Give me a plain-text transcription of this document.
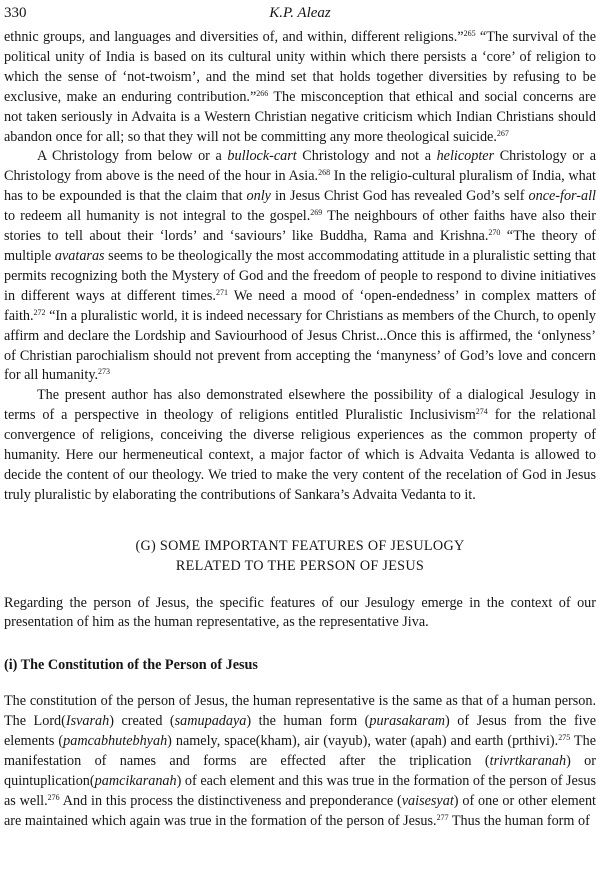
330	K.P. Aleaz

ethnic groups, and languages and diversities of, and within, different religions.”$^{265}$ “The survival of the political unity of India is based on its cultural unity within which there persists a ‘core’ of religion to which the sense of ‘not-twoism’, and the mind set that holds together diversities by refusing to be exclusive, make an enduring contribution.”$^{266}$ The misconception that ethical and social concerns are not taken seriously in Advaita is a Western Christian negative criticism which Indian Christians should abandon once for all; so that they will not be committing any more theological suicide.$^{267}$

A Christology from below or a bullock-cart Christology and not a helicopter Christology or a Christology from above is the need of the hour in Asia.$^{268}$ In the religio-cultural pluralism of India, what has to be expounded is that the claim that only in Jesus Christ God has revealed God’s self once-for-all to redeem all humanity is not integral to the gospel.$^{269}$ The neighbours of other faiths have also their stories to tell about their ‘lords’ and ‘saviours’ like Buddha, Rama and Krishna.$^{270}$ “The theory of multiple avataras seems to be theologically the most accommodating attitude in a pluralistic setting that permits recognizing both the Mystery of God and the freedom of people to respond to divine initiatives in different ways at different times.$^{271}$ We need a mood of ‘open-endedness’ in complex matters of faith.$^{272}$ “In a pluralistic world, it is indeed necessary for Christians as members of the Church, to openly affirm and declare the Lordship and Saviourhood of Jesus Christ...Once this is affirmed, the ‘onlyness’ of Christian parochialism should not prevent from accepting the ‘manyness’ of God’s love and concern for all humanity.$^{273}$

The present author has also demonstrated elsewhere the possibility of a dialogical Jesulogy in terms of a perspective in theology of religions entitled Pluralistic Inclusivism$^{274}$ for the relational convergence of religions, conceiving the diverse religious experiences as the common property of humanity. Here our hermeneutical context, a major factor of which is Advaita Vedanta is allowed to decide the content of our theology. We tried to make the very content of the recelation of God in Jesus truly pluralistic by elaborating the contributions of Sankara’s Advaita Vedanta to it.

(G) SOME IMPORTANT FEATURES OF JESULOGY
RELATED TO THE PERSON OF JESUS

Regarding the person of Jesus, the specific features of our Jesulogy emerge in the context of our presentation of him as the human representative, as the representative Jiva.

(i) The Constitution of the Person of Jesus

The constitution of the person of Jesus, the human representative is the same as that of a human person. The Lord(Isvarah) created (samupadaya) the human form (purasakaram) of Jesus from the five elements (pamcabhutebhyah) namely, space(kham), air (vayub), water (apah) and earth (prthivi).$^{275}$ The manifestation of names and forms are effected after the triplication (trivrtkaranah) or quintuplication(pamcikaranah) of each element and this was true in the formation of the person of Jesus as well.$^{276}$ And in this process the distinctiveness and preponderance (vaisesyat) of one or other element are maintained which again was true in the formation of the person of Jesus.$^{277}$ Thus the human form of
